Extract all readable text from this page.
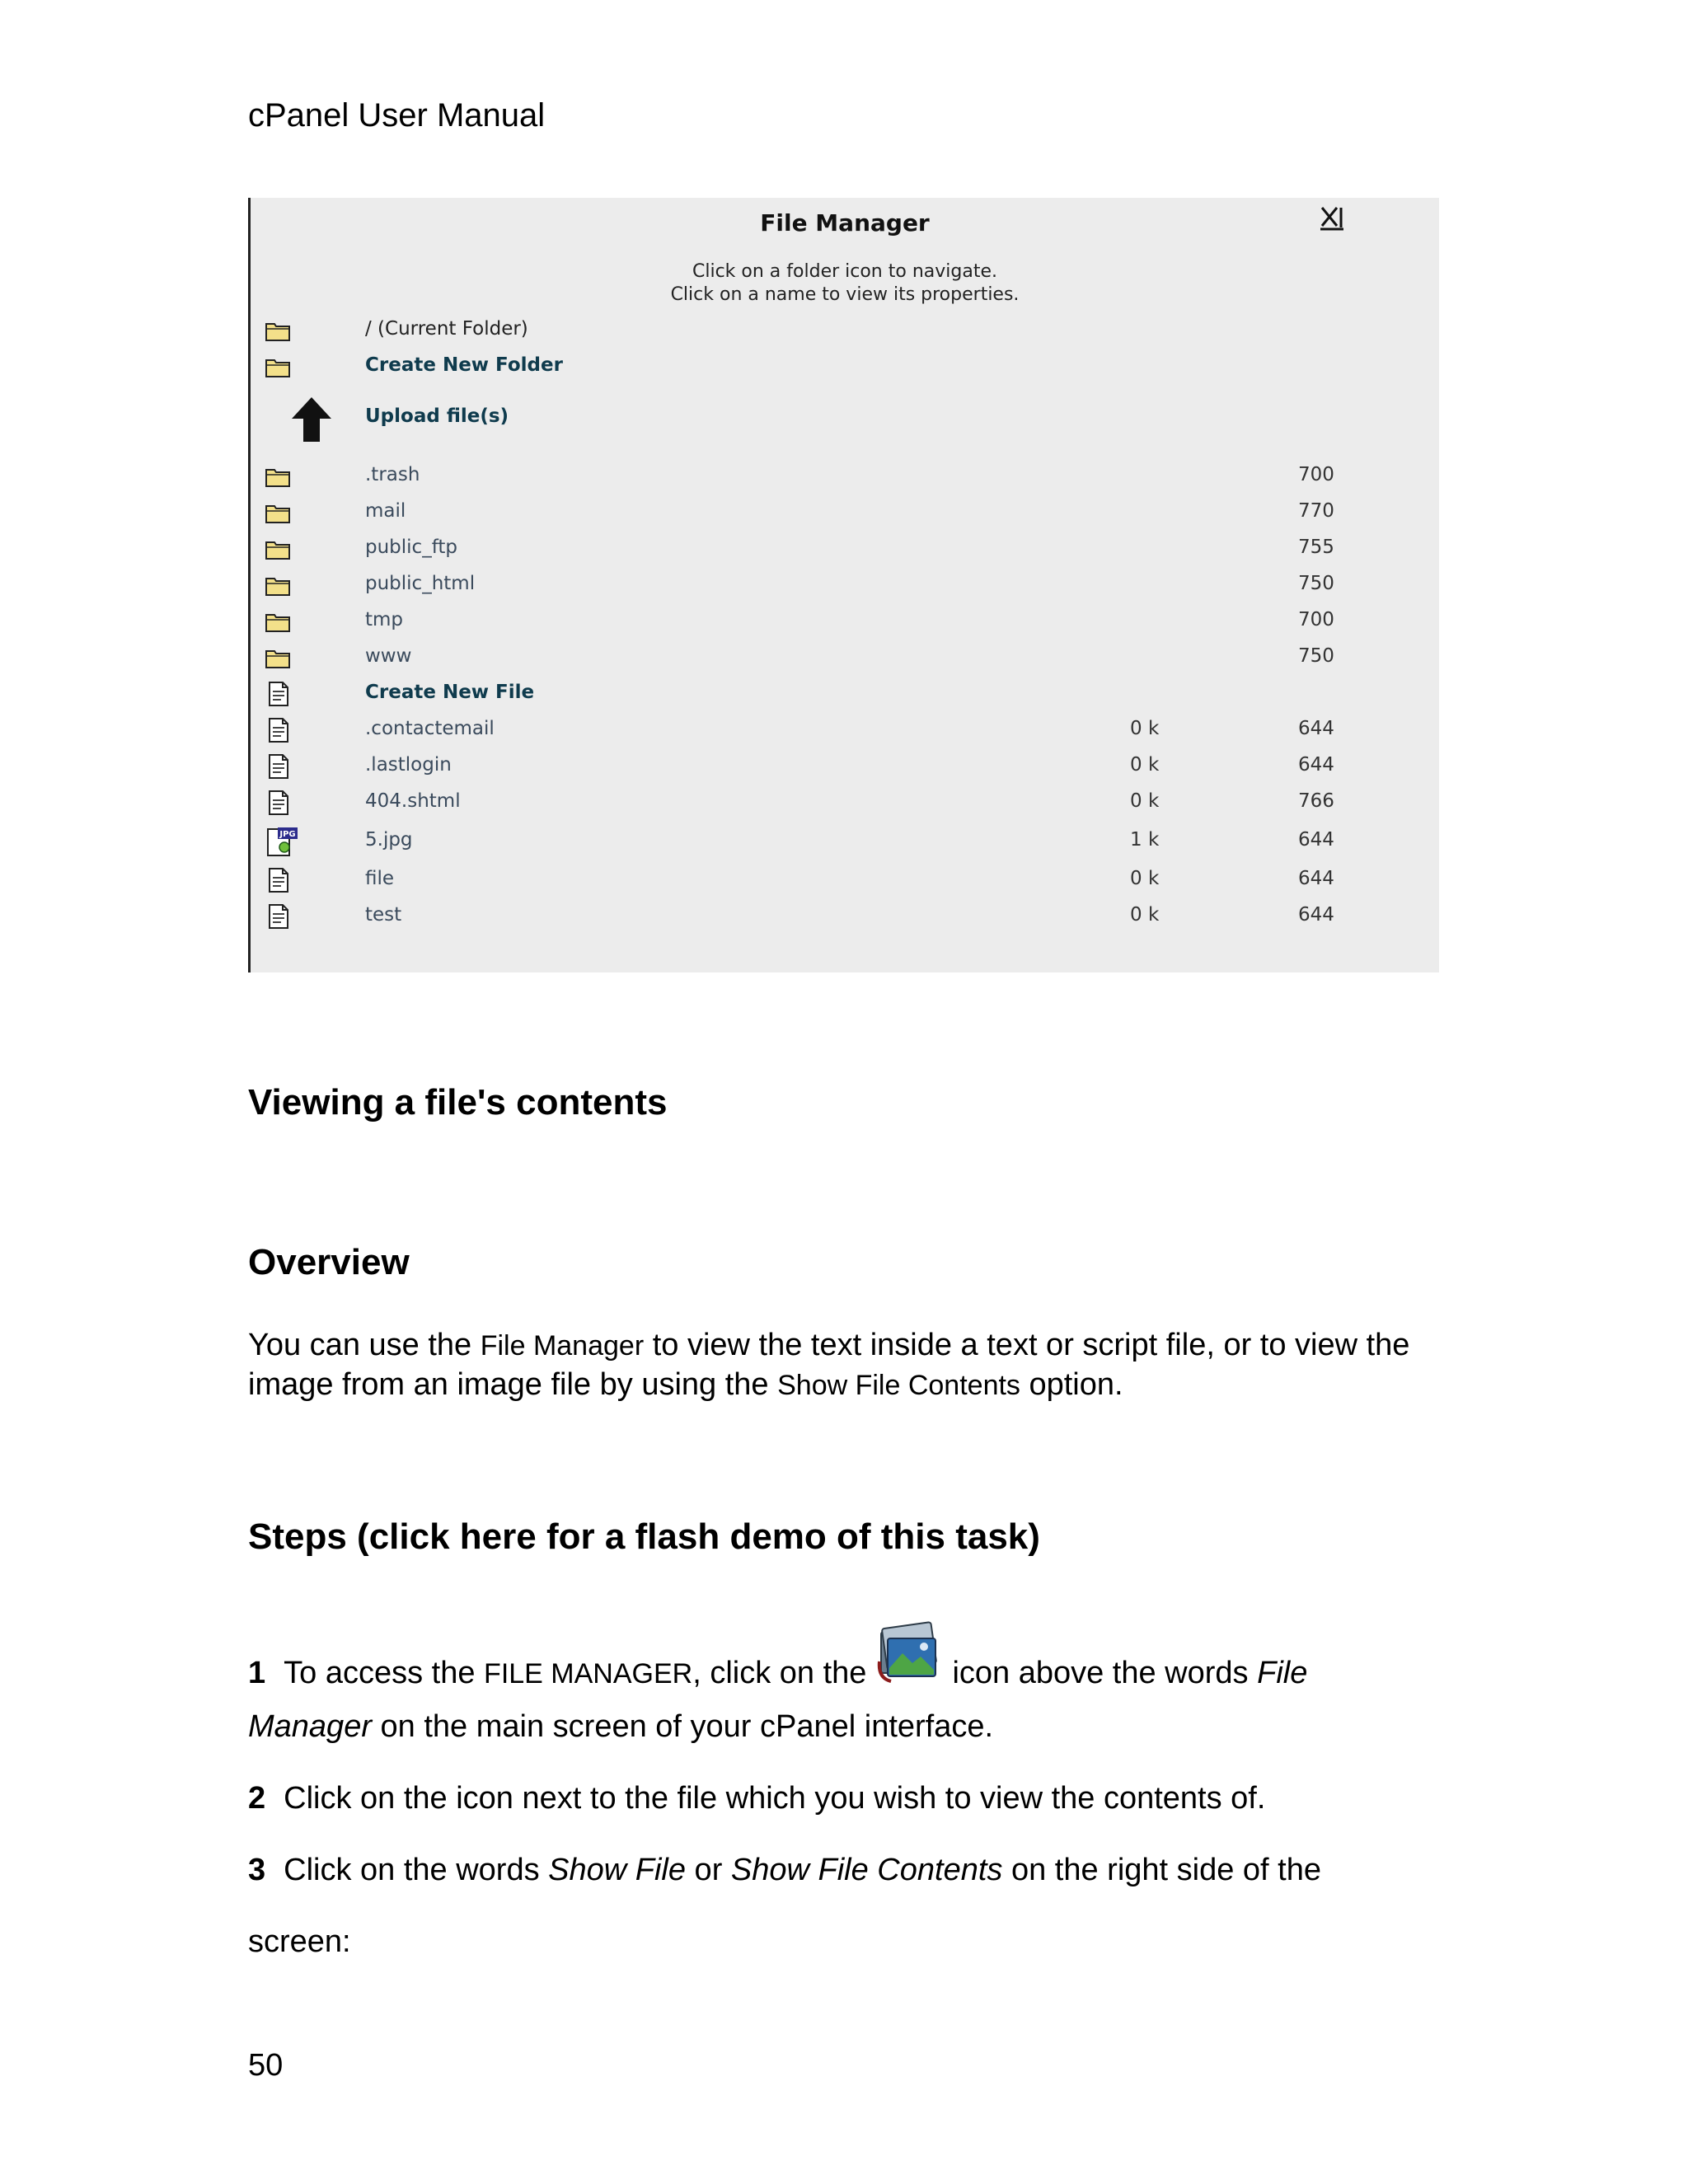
cPanel User Manual
File Manager
Click on a folder icon to navigate.
Click on a name to view its properties.
/ (Current Folder)
Create New Folder
Upload file(s)
.trash	700
mail	770
public_ftp	755
public_html	750
tmp	700
www	750
Create New File
.contactemail	0 k	644
.lastlogin	0 k	644
404.shtml	0 k	766
JPG	5.jpg	1 k	644
file	0 k	644
test	0 k	644
Viewing a file's contents
Overview
You can use the File Manager to view the text inside a text or script file, or to view the image from an image file by using the Show File Contents option.
Steps (click here for a flash demo of this task)
1 To access the FILE MANAGER, click on the	icon above the words File
Manager on the main screen of your cPanel interface.
2 Click on the icon next to the file which you wish to view the contents of.
3 Click on the words Show File or Show File Contents on the right side of the
screen:
50
